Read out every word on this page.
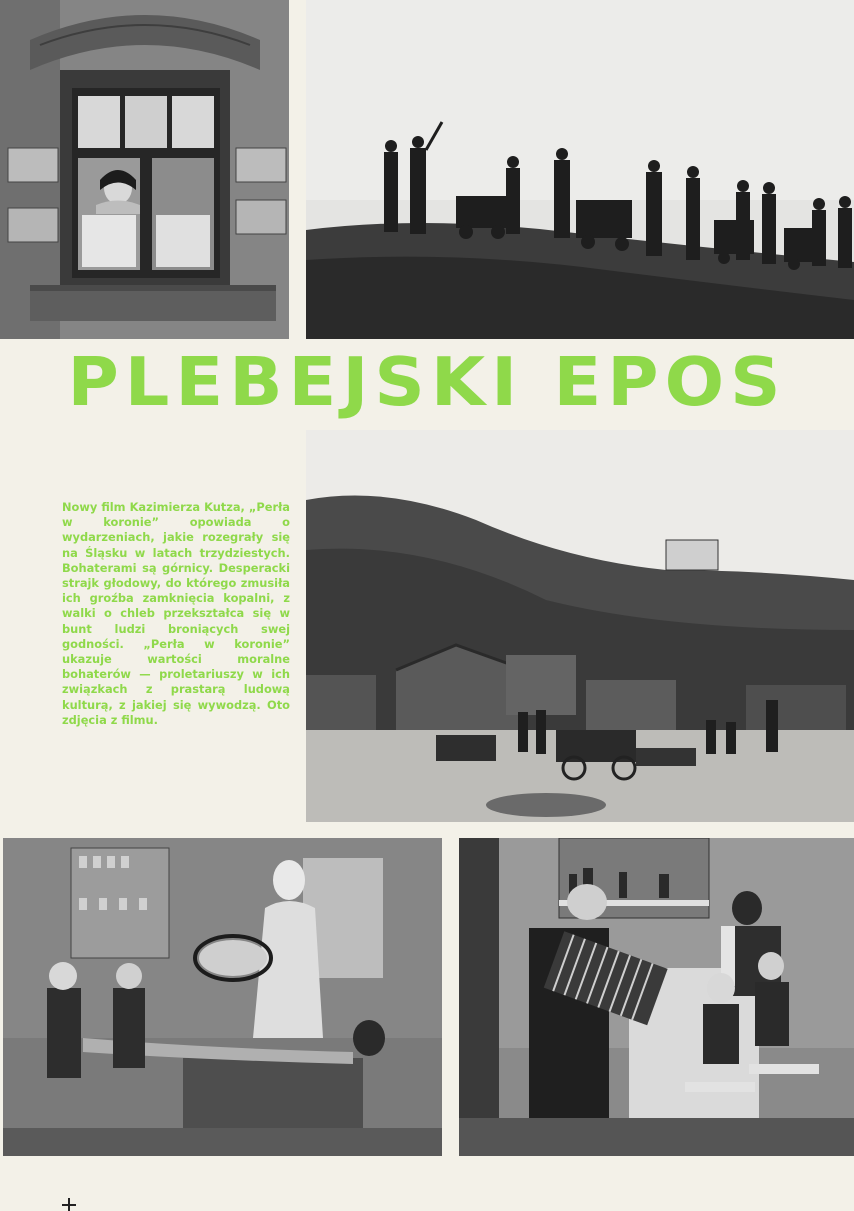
PLEBEJSKI EPOS
Nowy film Kazimierza Kutza, „Perła w koronie” opowiada o wydarzeniach, jakie rozegrały się na Śląsku w latach trzydziestych. Bohaterami są górnicy. Desperacki strajk głodowy, do którego zmusiła ich groźba zamknięcia kopalni, z walki o chleb przekształca się w bunt ludzi broniących swej godności. „Perła w koronie” ukazuje wartości moralne bohaterów — proletariuszy w ich związkach z prastarą ludową kulturą, z jakiej się wywodzą. Oto zdjęcia z filmu.
